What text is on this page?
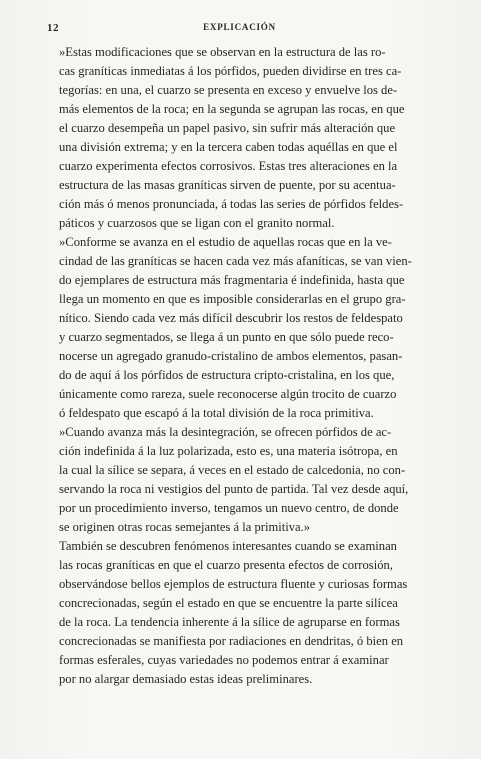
12	EXPLICACIÓN

»Estas modificaciones que se observan en la estructura de las ro-
cas graníticas inmediatas á los pórfidos, pueden dividirse en tres ca-
tegorías: en una, el cuarzo se presenta en exceso y envuelve los de-
más elementos de la roca; en la segunda se agrupan las rocas, en que
el cuarzo desempeña un papel pasivo, sin sufrir más alteración que
una división extrema; y en la tercera caben todas aquéllas en que el
cuarzo experimenta efectos corrosivos. Estas tres alteraciones en la
estructura de las masas graníticas sirven de puente, por su acentua-
ción más ó menos pronunciada, á todas las series de pórfidos feldes-
páticos y cuarzosos que se ligan con el granito normal.

»Conforme se avanza en el estudio de aquellas rocas que en la ve-
cindad de las graníticas se hacen cada vez más afaníticas, se van vien-
do ejemplares de estructura más fragmentaria é indefinida, hasta que
llega un momento en que es imposible considerarlas en el grupo gra-
nítico. Siendo cada vez más difícil descubrir los restos de feldespato
y cuarzo segmentados, se llega á un punto en que sólo puede reco-
nocerse un agregado granudo-cristalino de ambos elementos, pasan-
do de aquí á los pórfidos de estructura cripto-cristalina, en los que,
únicamente como rareza, suele reconocerse algún trocito de cuarzo
ó feldespato que escapó á la total división de la roca primitiva.

»Cuando avanza más la desintegración, se ofrecen pórfidos de ac-
ción indefinida á la luz polarizada, esto es, una materia isótropa, en
la cual la sílice se separa, á veces en el estado de calcedonia, no con-
servando la roca ni vestigios del punto de partida. Tal vez desde aquí,
por un procedimiento inverso, tengamos un nuevo centro, de donde
se originen otras rocas semejantes á la primitiva.»

También se descubren fenómenos interesantes cuando se examinan
las rocas graníticas en que el cuarzo presenta efectos de corrosión,
observándose bellos ejemplos de estructura fluente y curiosas formas
concrecionadas, según el estado en que se encuentre la parte silícea
de la roca. La tendencia inherente á la sílice de agruparse en formas
concrecionadas se manifiesta por radiaciones en dendritas, ó bien en
formas esferales, cuyas variedades no podemos entrar á examinar
por no alargar demasiado estas ideas preliminares.
